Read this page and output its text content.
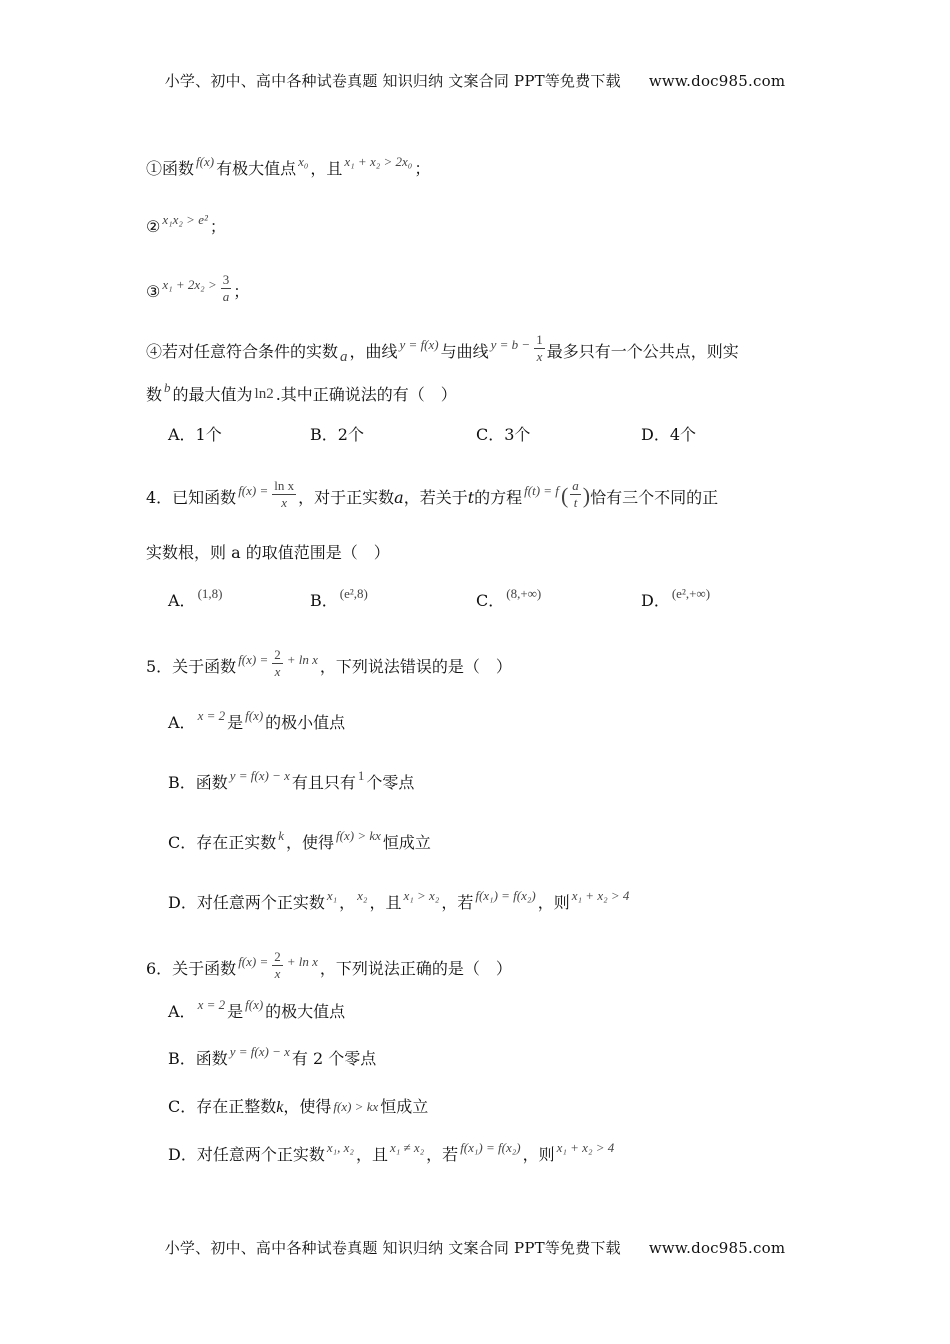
小学、初中、高中各种试卷真题 知识归纳 文案合同 PPT等免费下载 www.doc985.com
①函数 $^{f(x)}$ 有极大值点 $^{x_0}$ ，且 $^{x_1 + x_2 > 2x_0}$ ；
② $^{x_1x_2 > e^2}$ ；
③ $^{x_1 + 2x_2 >} \frac{3}{a}$ ；
④若对任意符合条件的实数 a ，曲线 $^{y = f(x)}$ 与曲线 $^{y = b -} \frac{1}{x}$ 最多只有一个公共点，则实
数 $^b$ 的最大值为 ln2 .其中正确说法的有（　）
A．1个	B．2个	C．3个	D．4个
4．已知函数 $^{f(x) =} \frac{\text{ln x}}{x}$ ，对于正实数a，若关于t的方程 $^{f(t) = f}( \frac{a}{t}$ )恰有三个不同的正
实数根，则 a 的取值范围是（　）
A． $^{(1,8)}$	B． $^{(e^2,8)}$	C． $^{(8,+\infty)}$	D． $^{(e^2,+\infty)}$
5．关于函数 $^{f(x) =} \frac{2}{x} ^{+ ln x}$ ，下列说法错误的是（　）
A． $^{x = 2}$ 是 $^{f(x)}$ 的极小值点
B．函数 $^{y = f(x) - x}$ 有且只有 $^1$ 个零点
C．存在正实数 $^k$ ，使得 $^{f(x) > kx}$ 恒成立
D．对任意两个正实数 $^{x_1}$ ， $^{x_2}$ ，且 $^{x_1 > x_2}$ ，若 $^{f(x_1) = f(x_2)}$ ，则 $^{x_1 + x_2 > 4}$
6．关于函数 $^{f(x) =} \frac{2}{x} ^{+ ln x}$ ，下列说法正确的是（　）
A． $^{x = 2}$ 是 $^{f(x)}$ 的极大值点
B．函数 $^{y = f(x) - x}$ 有 2 个零点
C．存在正整数k，使得 f(x) > kx 恒成立
D．对任意两个正实数 $^{x_1, x_2}$ ，且 $^{x_1 \ne x_2}$ ，若 $^{f(x_1) = f(x_2)}$ ，则 $^{x_1 + x_2 > 4}$
小学、初中、高中各种试卷真题 知识归纳 文案合同 PPT等免费下载 www.doc985.com
